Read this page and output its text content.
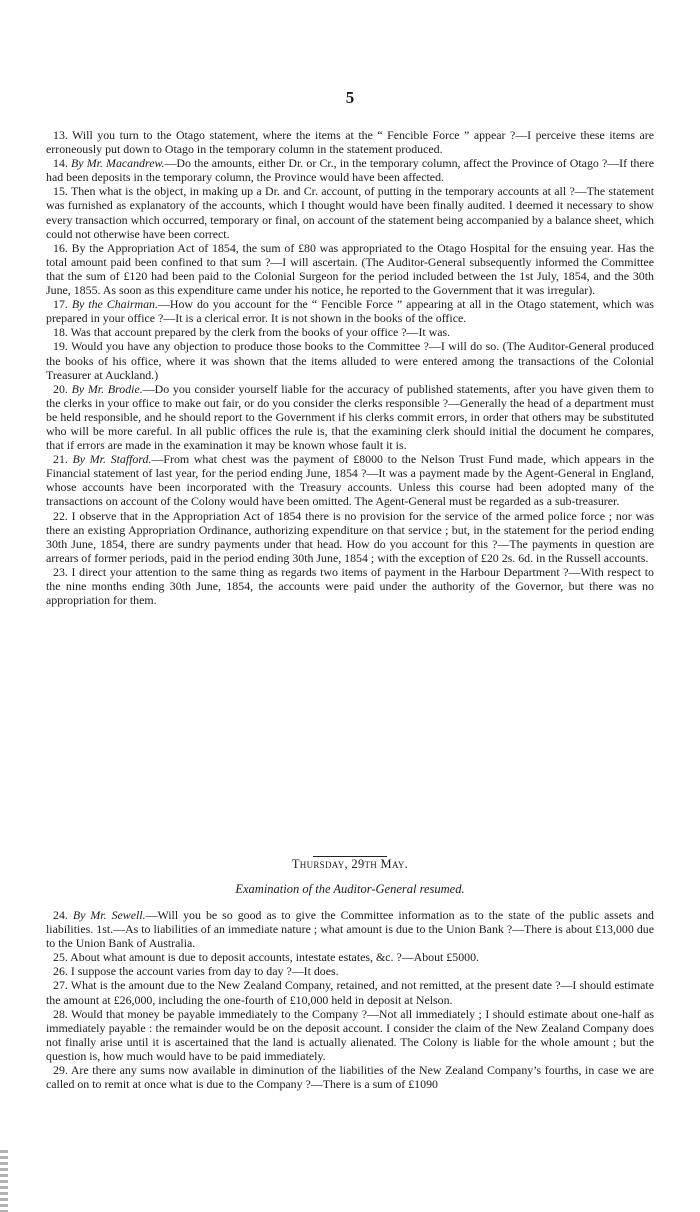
5

13. Will you turn to the Otago statement, where the items at the “ Fencible Force ” appear ?—I perceive these items are erroneously put down to Otago in the temporary column in the statement produced.

14. By Mr. Macandrew.—Do the amounts, either Dr. or Cr., in the temporary column, affect the Province of Otago ?—If there had been deposits in the temporary column, the Province would have been affected.

15. Then what is the object, in making up a Dr. and Cr. account, of putting in the temporary accounts at all ?—The statement was furnished as explanatory of the accounts, which I thought would have been finally audited. I deemed it necessary to show every transaction which occurred, temporary or final, on account of the statement being accompanied by a balance sheet, which could not otherwise have been correct.

16. By the Appropriation Act of 1854, the sum of £80 was appropriated to the Otago Hospital for the ensuing year. Has the total amount paid been confined to that sum ?—I will ascertain. (The Auditor-General subsequently informed the Committee that the sum of £120 had been paid to the Colonial Surgeon for the period included between the 1st July, 1854, and the 30th June, 1855. As soon as this expenditure came under his notice, he reported to the Government that it was irregular).

17. By the Chairman.—How do you account for the “ Fencible Force ” appearing at all in the Otago statement, which was prepared in your office ?—It is a clerical error. It is not shown in the books of the office.

18. Was that account prepared by the clerk from the books of your office ?—It was.

19. Would you have any objection to produce those books to the Committee ?—I will do so. (The Auditor-General produced the books of his office, where it was shown that the items alluded to were entered among the transactions of the Colonial Treasurer at Auckland.)

20. By Mr. Brodie.—Do you consider yourself liable for the accuracy of published statements, after you have given them to the clerks in your office to make out fair, or do you consider the clerks responsible ?—Generally the head of a department must be held responsible, and he should report to the Government if his clerks commit errors, in order that others may be substituted who will be more careful. In all public offices the rule is, that the examining clerk should initial the document he compares, that if errors are made in the examination it may be known whose fault it is.

21. By Mr. Stafford.—From what chest was the payment of £8000 to the Nelson Trust Fund made, which appears in the Financial statement of last year, for the period ending June, 1854 ?—It was a payment made by the Agent-General in England, whose accounts have been incorporated with the Treasury accounts. Unless this course had been adopted many of the transactions on account of the Colony would have been omitted. The Agent-General must be regarded as a sub-treasurer.

22. I observe that in the Appropriation Act of 1854 there is no provision for the service of the armed police force ; nor was there an existing Appropriation Ordinance, authorizing expenditure on that service ; but, in the statement for the period ending 30th June, 1854, there are sundry payments under that head. How do you account for this ?—The payments in question are arrears of former periods, paid in the period ending 30th June, 1854 ; with the exception of £20 2s. 6d. in the Russell accounts.

23. I direct your attention to the same thing as regards two items of payment in the Harbour Department ?—With respect to the nine months ending 30th June, 1854, the accounts were paid under the authority of the Governor, but there was no appropriation for them.

Thursday, 29th May.
Examination of the Auditor-General resumed.

24. By Mr. Sewell.—Will you be so good as to give the Committee information as to the state of the public assets and liabilities. 1st.—As to liabilities of an immediate nature ; what amount is due to the Union Bank ?—There is about £13,000 due to the Union Bank of Australia.

25. About what amount is due to deposit accounts, intestate estates, &c. ?—About £5000.

26. I suppose the account varies from day to day ?—It does.

27. What is the amount due to the New Zealand Company, retained, and not remitted, at the present date ?—I should estimate the amount at £26,000, including the one-fourth of £10,000 held in deposit at Nelson.

28. Would that money be payable immediately to the Company ?—Not all immediately ; I should estimate about one-half as immediately payable : the remainder would be on the deposit account. I consider the claim of the New Zealand Company does not finally arise until it is ascertained that the land is actually alienated. The Colony is liable for the whole amount ; but the question is, how much would have to be paid immediately.

29. Are there any sums now available in diminution of the liabilities of the New Zealand Company’s fourths, in case we are called on to remit at once what is due to the Company ?—There is a sum of £1090
